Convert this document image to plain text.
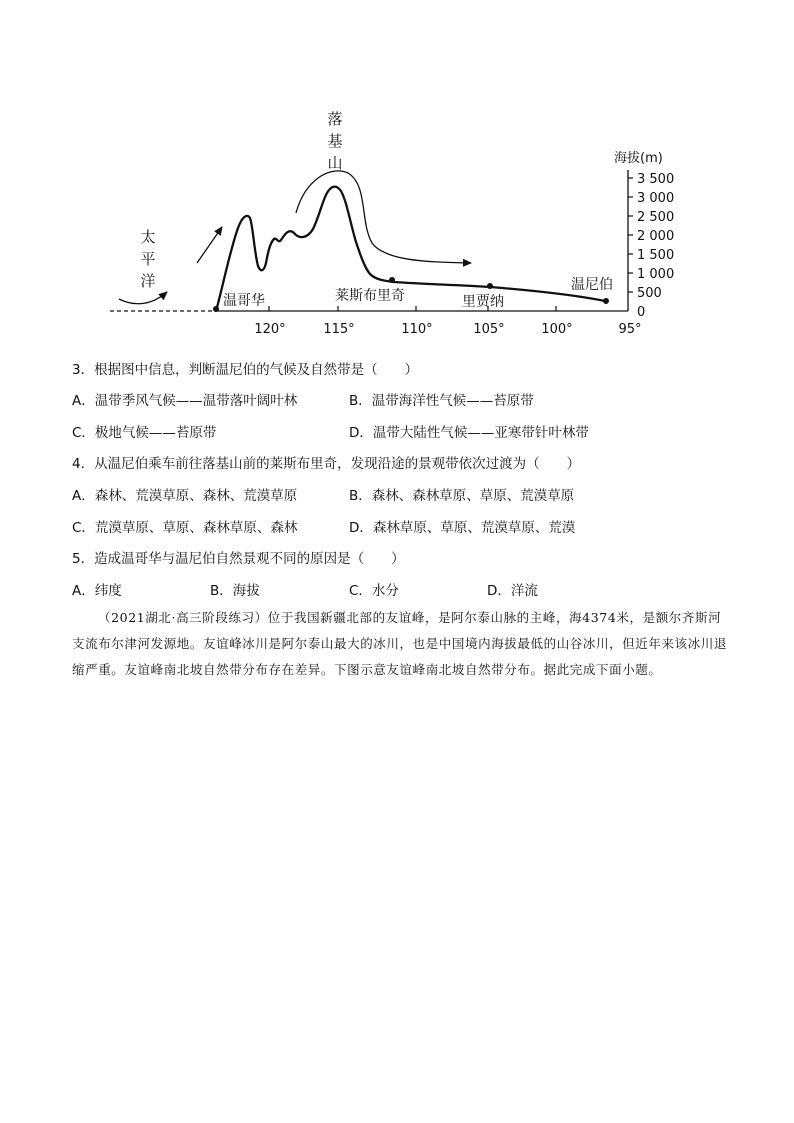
海拔(m)
3 500
3 000
2 500
2 000
1 500
1 000
500
0
120°	115°	110°	105°	100°	95°
太
平
洋
落
基
山
温哥华	莱斯布里奇	里贾纳
温尼伯
3．根据图中信息，判断温尼伯的气候及自然带是（　　）
A．温带季风气候——温带落叶阔叶林	B．温带海洋性气候——苔原带
C．极地气候——苔原带	D．温带大陆性气候——亚寒带针叶林带
4．从温尼伯乘车前往落基山前的莱斯布里奇，发现沿途的景观带依次过渡为（　　）
A．森林、荒漠草原、森林、荒漠草原	B．森林、森林草原、草原、荒漠草原
C．荒漠草原、草原、森林草原、森林	D．森林草原、草原、荒漠草原、荒漠
5．造成温哥华与温尼伯自然景观不同的原因是（　　）
A．纬度	B．海拔	C．水分	D．洋流
（2021湖北·高三阶段练习）位于我国新疆北部的友谊峰，是阿尔泰山脉的主峰，海4374米，是额尔齐斯河支流布尔津河发源地。友谊峰冰川是阿尔泰山最大的冰川，也是中国境内海拔最低的山谷冰川，但近年来该冰川退缩严重。友谊峰南北坡自然带分布存在差异。下图示意友谊峰南北坡自然带分布。据此完成下面小题。
